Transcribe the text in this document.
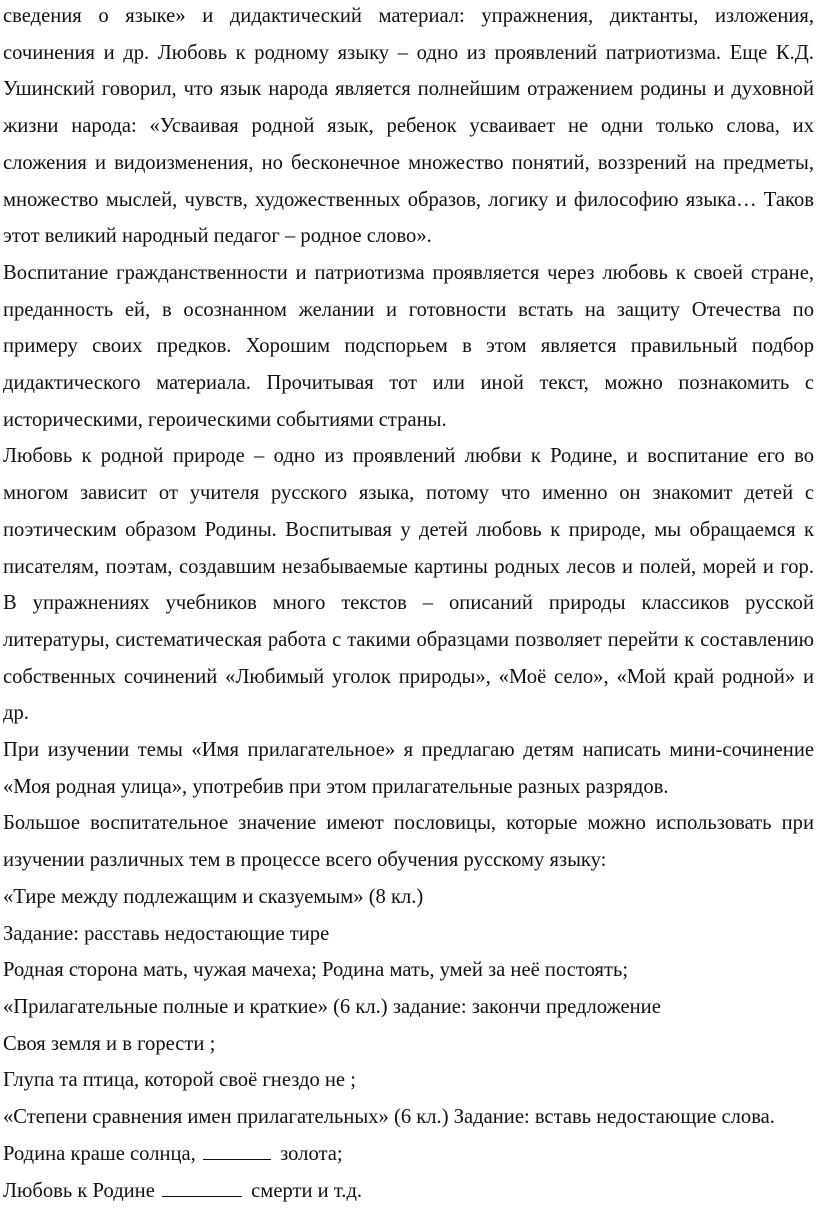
сведения о языке» и дидактический материал: упражнения, диктанты, изложения, сочинения и др. Любовь к родному языку – одно из проявлений патриотизма. Еще К.Д. Ушинский говорил, что язык народа является полнейшим отражением родины и духовной жизни народа: «Усваивая родной язык, ребенок усваивает не одни только слова, их сложения и видоизменения, но бесконечное множество понятий, воззрений на предметы, множество мыслей, чувств, художественных образов, логику и философию языка… Таков этот великий народный педагог – родное слово».

Воспитание гражданственности и патриотизма проявляется через любовь к своей стране, преданность ей, в осознанном желании и готовности встать на защиту Отечества по примеру своих предков. Хорошим подспорьем в этом является правильный подбор дидактического материала. Прочитывая тот или иной текст, можно познакомить с историческими, героическими событиями страны.

Любовь к родной природе – одно из проявлений любви к Родине, и воспитание его во многом зависит от учителя русского языка, потому что именно он знакомит детей с поэтическим образом Родины. Воспитывая у детей любовь к природе, мы обращаемся к писателям, поэтам, создавшим незабываемые картины родных лесов и полей, морей и гор. В упражнениях учебников много текстов – описаний природы классиков русской литературы, систематическая работа с такими образцами позволяет перейти к составлению собственных сочинений «Любимый уголок природы», «Моё село», «Мой край родной» и др.

При изучении темы «Имя прилагательное» я предлагаю детям написать мини-сочинение «Моя родная улица», употребив при этом прилагательные разных разрядов.

Большое воспитательное значение имеют пословицы, которые можно использовать при изучении различных тем в процессе всего обучения русскому языку:

«Тире между подлежащим и сказуемым» (8 кл.)

Задание: расставь недостающие тире

Родная сторона мать, чужая мачеха; Родина мать, умей за неё постоять;

«Прилагательные полные и краткие» (6 кл.) задание: закончи предложение

Своя земля и в горести ;

Глупа та птица, которой своё гнездо не ;

«Степени сравнения имен прилагательных» (6 кл.) Задание: вставь недостающие слова.

Родина краше солнца,	золота;

Любовь к Родине	смерти и т.д.
